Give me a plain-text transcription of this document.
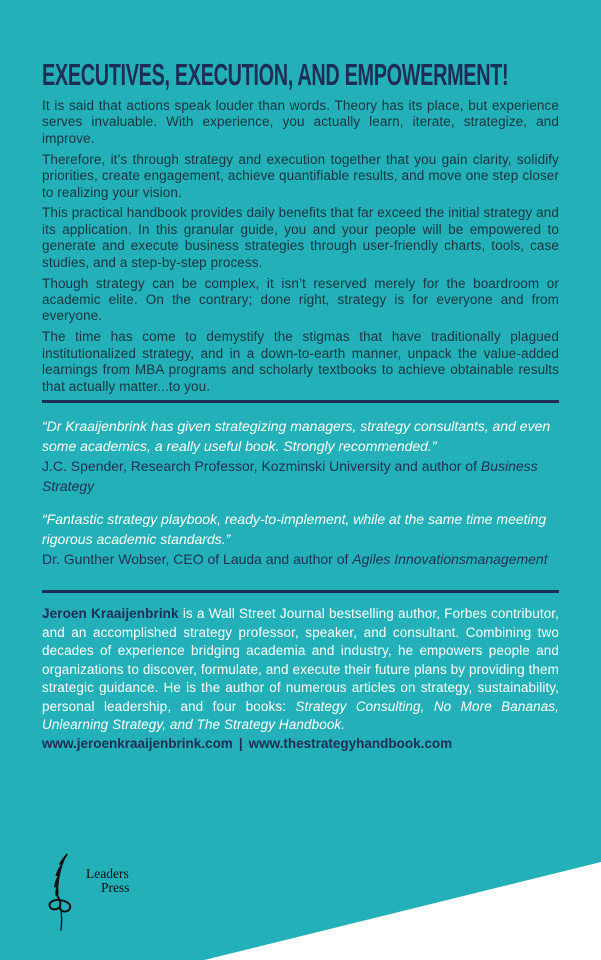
EXECUTIVES, EXECUTION, AND EMPOWERMENT!

It is said that actions speak louder than words. Theory has its place, but experience serves invaluable. With experience, you actually learn, iterate, strategize, and improve.

Therefore, it’s through strategy and execution together that you gain clarity, solidify priorities, create engagement, achieve quantifiable results, and move one step closer to realizing your vision.

This practical handbook provides daily benefits that far exceed the initial strategy and its application. In this granular guide, you and your people will be empowered to generate and execute business strategies through user-friendly charts, tools, case studies, and a step-by-step process.

Though strategy can be complex, it isn’t reserved merely for the boardroom or academic elite. On the contrary; done right, strategy is for everyone and from everyone.

The time has come to demystify the stigmas that have traditionally plagued institutionalized strategy, and in a down-to-earth manner, unpack the value-added learnings from MBA programs and scholarly textbooks to achieve obtainable results that actually matter...to you.

“Dr Kraaijenbrink has given strategizing managers, strategy consultants, and even some academics, a really useful book. Strongly recommended.”

J.C. Spender, Research Professor, Kozminski University and author of Business Strategy

“Fantastic strategy playbook, ready-to-implement, while at the same time meeting rigorous academic standards.”

Dr. Gunther Wobser, CEO of Lauda and author of Agiles Innovationsmanagement

Jeroen Kraaijenbrink is a Wall Street Journal bestselling author, Forbes contributor, and an accomplished strategy professor, speaker, and consultant. Combining two decades of experience bridging academia and industry, he empowers people and organizations to discover, formulate, and execute their future plans by providing them strategic guidance. He is the author of numerous articles on strategy, sustainability, personal leadership, and four books: Strategy Consulting, No More Bananas, Unlearning Strategy, and The Strategy Handbook.

www.jeroenkraaijenbrink.com | www.thestrategyhandbook.com

Leaders
Press
